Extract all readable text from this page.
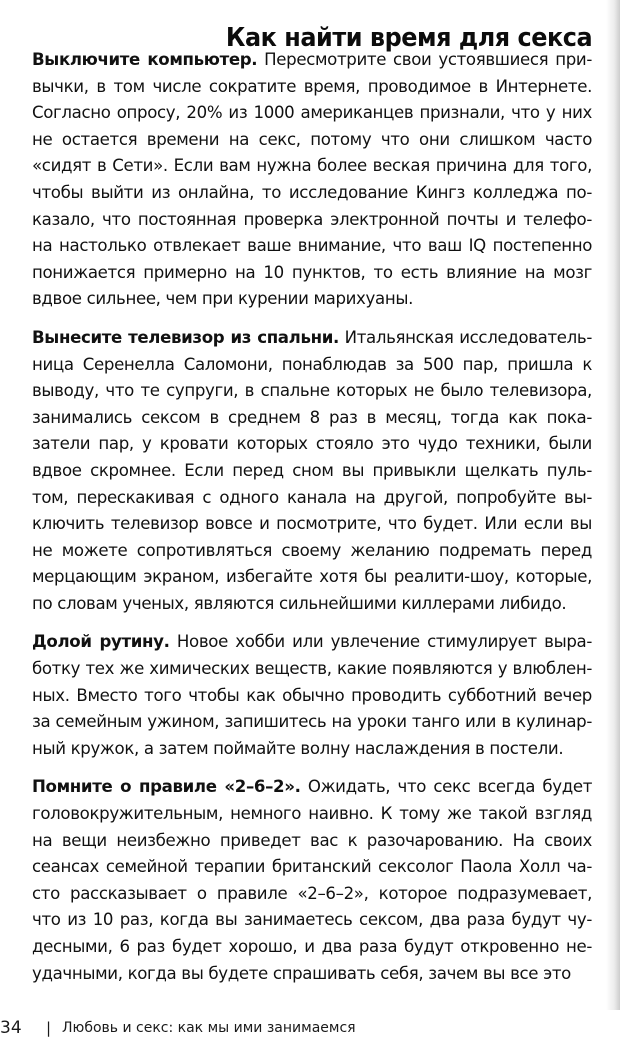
Как найти время для секса
Выключите компьютер. Пересмотрите свои устоявшиеся при-
вычки, в том числе сократите время, проводимое в Интернете.
Согласно опросу, 20% из 1000 американцев признали, что у них
не остается времени на секс, потому что они слишком часто
«сидят в Сети». Если вам нужна более веская причина для того,
чтобы выйти из онлайна, то исследование Кингз колледжа по-
казало, что постоянная проверка электронной почты и телефо-
на настолько отвлекает ваше внимание, что ваш IQ постепенно
понижается примерно на 10 пунктов, то есть влияние на мозг
вдвое сильнее, чем при курении марихуаны.
Вынесите телевизор из спальни. Итальянская исследователь-
ница Серенелла Саломони, понаблюдав за 500 пар, пришла к
выводу, что те супруги, в спальне которых не было телевизора,
занимались сексом в среднем 8 раз в месяц, тогда как пока-
затели пар, у кровати которых стояло это чудо техники, были
вдвое скромнее. Если перед сном вы привыкли щелкать пуль-
том, перескакивая с одного канала на другой, попробуйте вы-
ключить телевизор вовсе и посмотрите, что будет. Или если вы
не можете сопротивляться своему желанию подремать перед
мерцающим экраном, избегайте хотя бы реалити-шоу, которые,
по словам ученых, являются сильнейшими киллерами либидо.
Долой рутину. Новое хобби или увлечение стимулирует выра-
ботку тех же химических веществ, какие появляются у влюблен-
ных. Вместо того чтобы как обычно проводить субботний вечер
за семейным ужином, запишитесь на уроки танго или в кулинар-
ный кружок, а затем поймайте волну наслаждения в постели.
Помните о правиле «2–6–2». Ожидать, что секс всегда будет
головокружительным, немного наивно. К тому же такой взгляд
на вещи неизбежно приведет вас к разочарованию. На своих
сеансах семейной терапии британский сексолог Паола Холл ча-
сто рассказывает о правиле «2–6–2», которое подразумевает,
что из 10 раз, когда вы занимаетесь сексом, два раза будут чу-
десными, 6 раз будет хорошо, и два раза будут откровенно не-
удачными, когда вы будете спрашивать себя, зачем вы все это
34 | Любовь и секс: как мы ими занимаемся
